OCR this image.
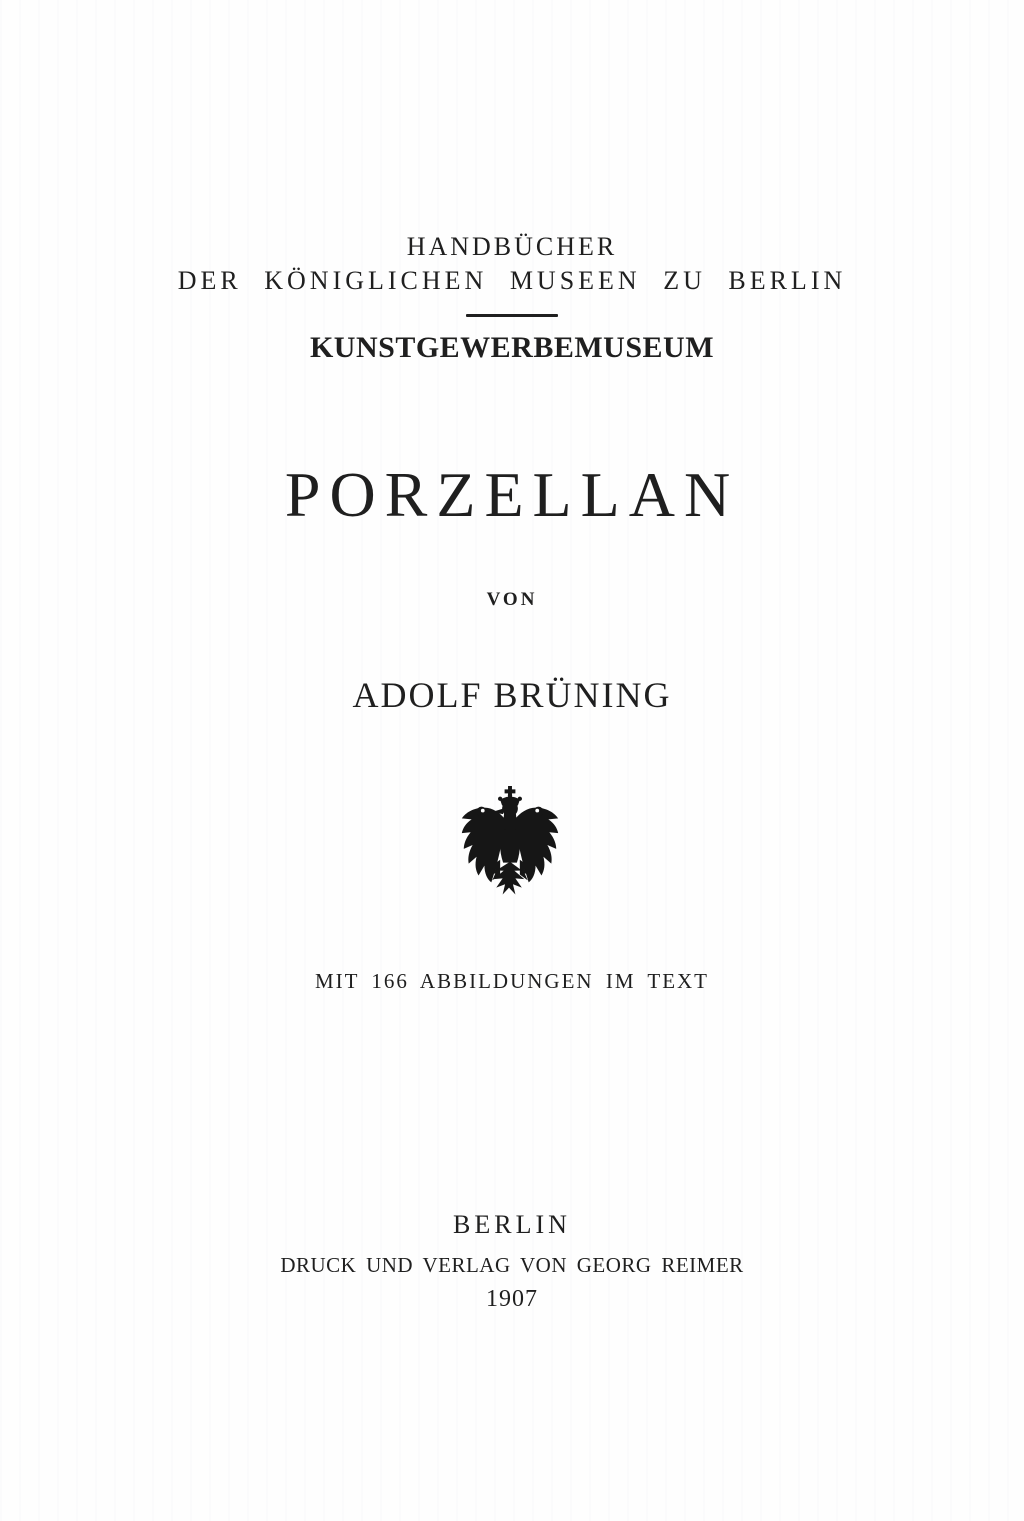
HANDBÜCHER
DER KÖNIGLICHEN MUSEEN ZU BERLIN
KUNSTGEWERBEMUSEUM
PORZELLAN
VON
ADOLF BRÜNING
MIT 166 ABBILDUNGEN IM TEXT
BERLIN
DRUCK UND VERLAG VON GEORG REIMER
1907
